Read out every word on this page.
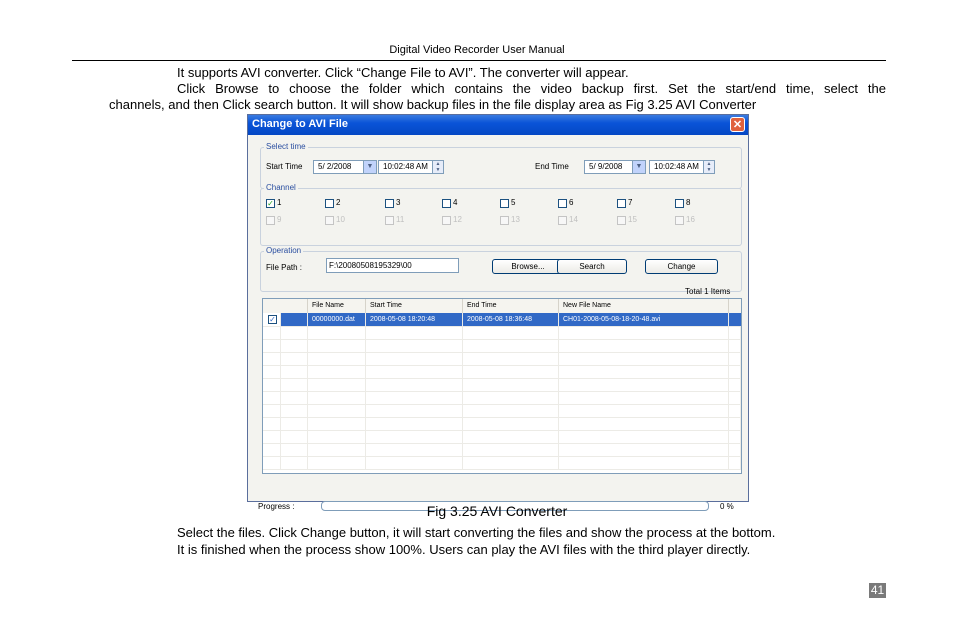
Digital Video Recorder User Manual
It supports AVI converter. Click “Change File to AVI”. The converter will appear.
Click Browse to choose the folder which contains the video backup first. Set the start/end time, select the
channels, and then Click search button. It will show backup files in the file display area as Fig 3.25 AVI Converter
Change to AVI File	✕
Select time
Start Time	5/ 2/2008	▼	10:02:48 AM	▲
▼	End Time	5/ 9/2008	▼	10:02:48 AM	▲
▼
Channel
Operation
File Path :	F:\20080508195329\00	Browse...	Search	Change
Total 1 Items
File Name	Start Time	End Time	New File Name
✓	00000000.dat	2008-05-08 18:20:48	2008-05-08 18:36:48	CH01-2008-05-08-18-20-48.avi
Progress :	0 %
✓ 1	2	3	4	5	6	7	8
9	10	11	12	13	14	15	16
Fig 3.25 AVI Converter
Select the files. Click Change button, it will start converting the files and show the process at the bottom.
It is finished when the process show 100%. Users can play the AVI files with the third player directly.
41
